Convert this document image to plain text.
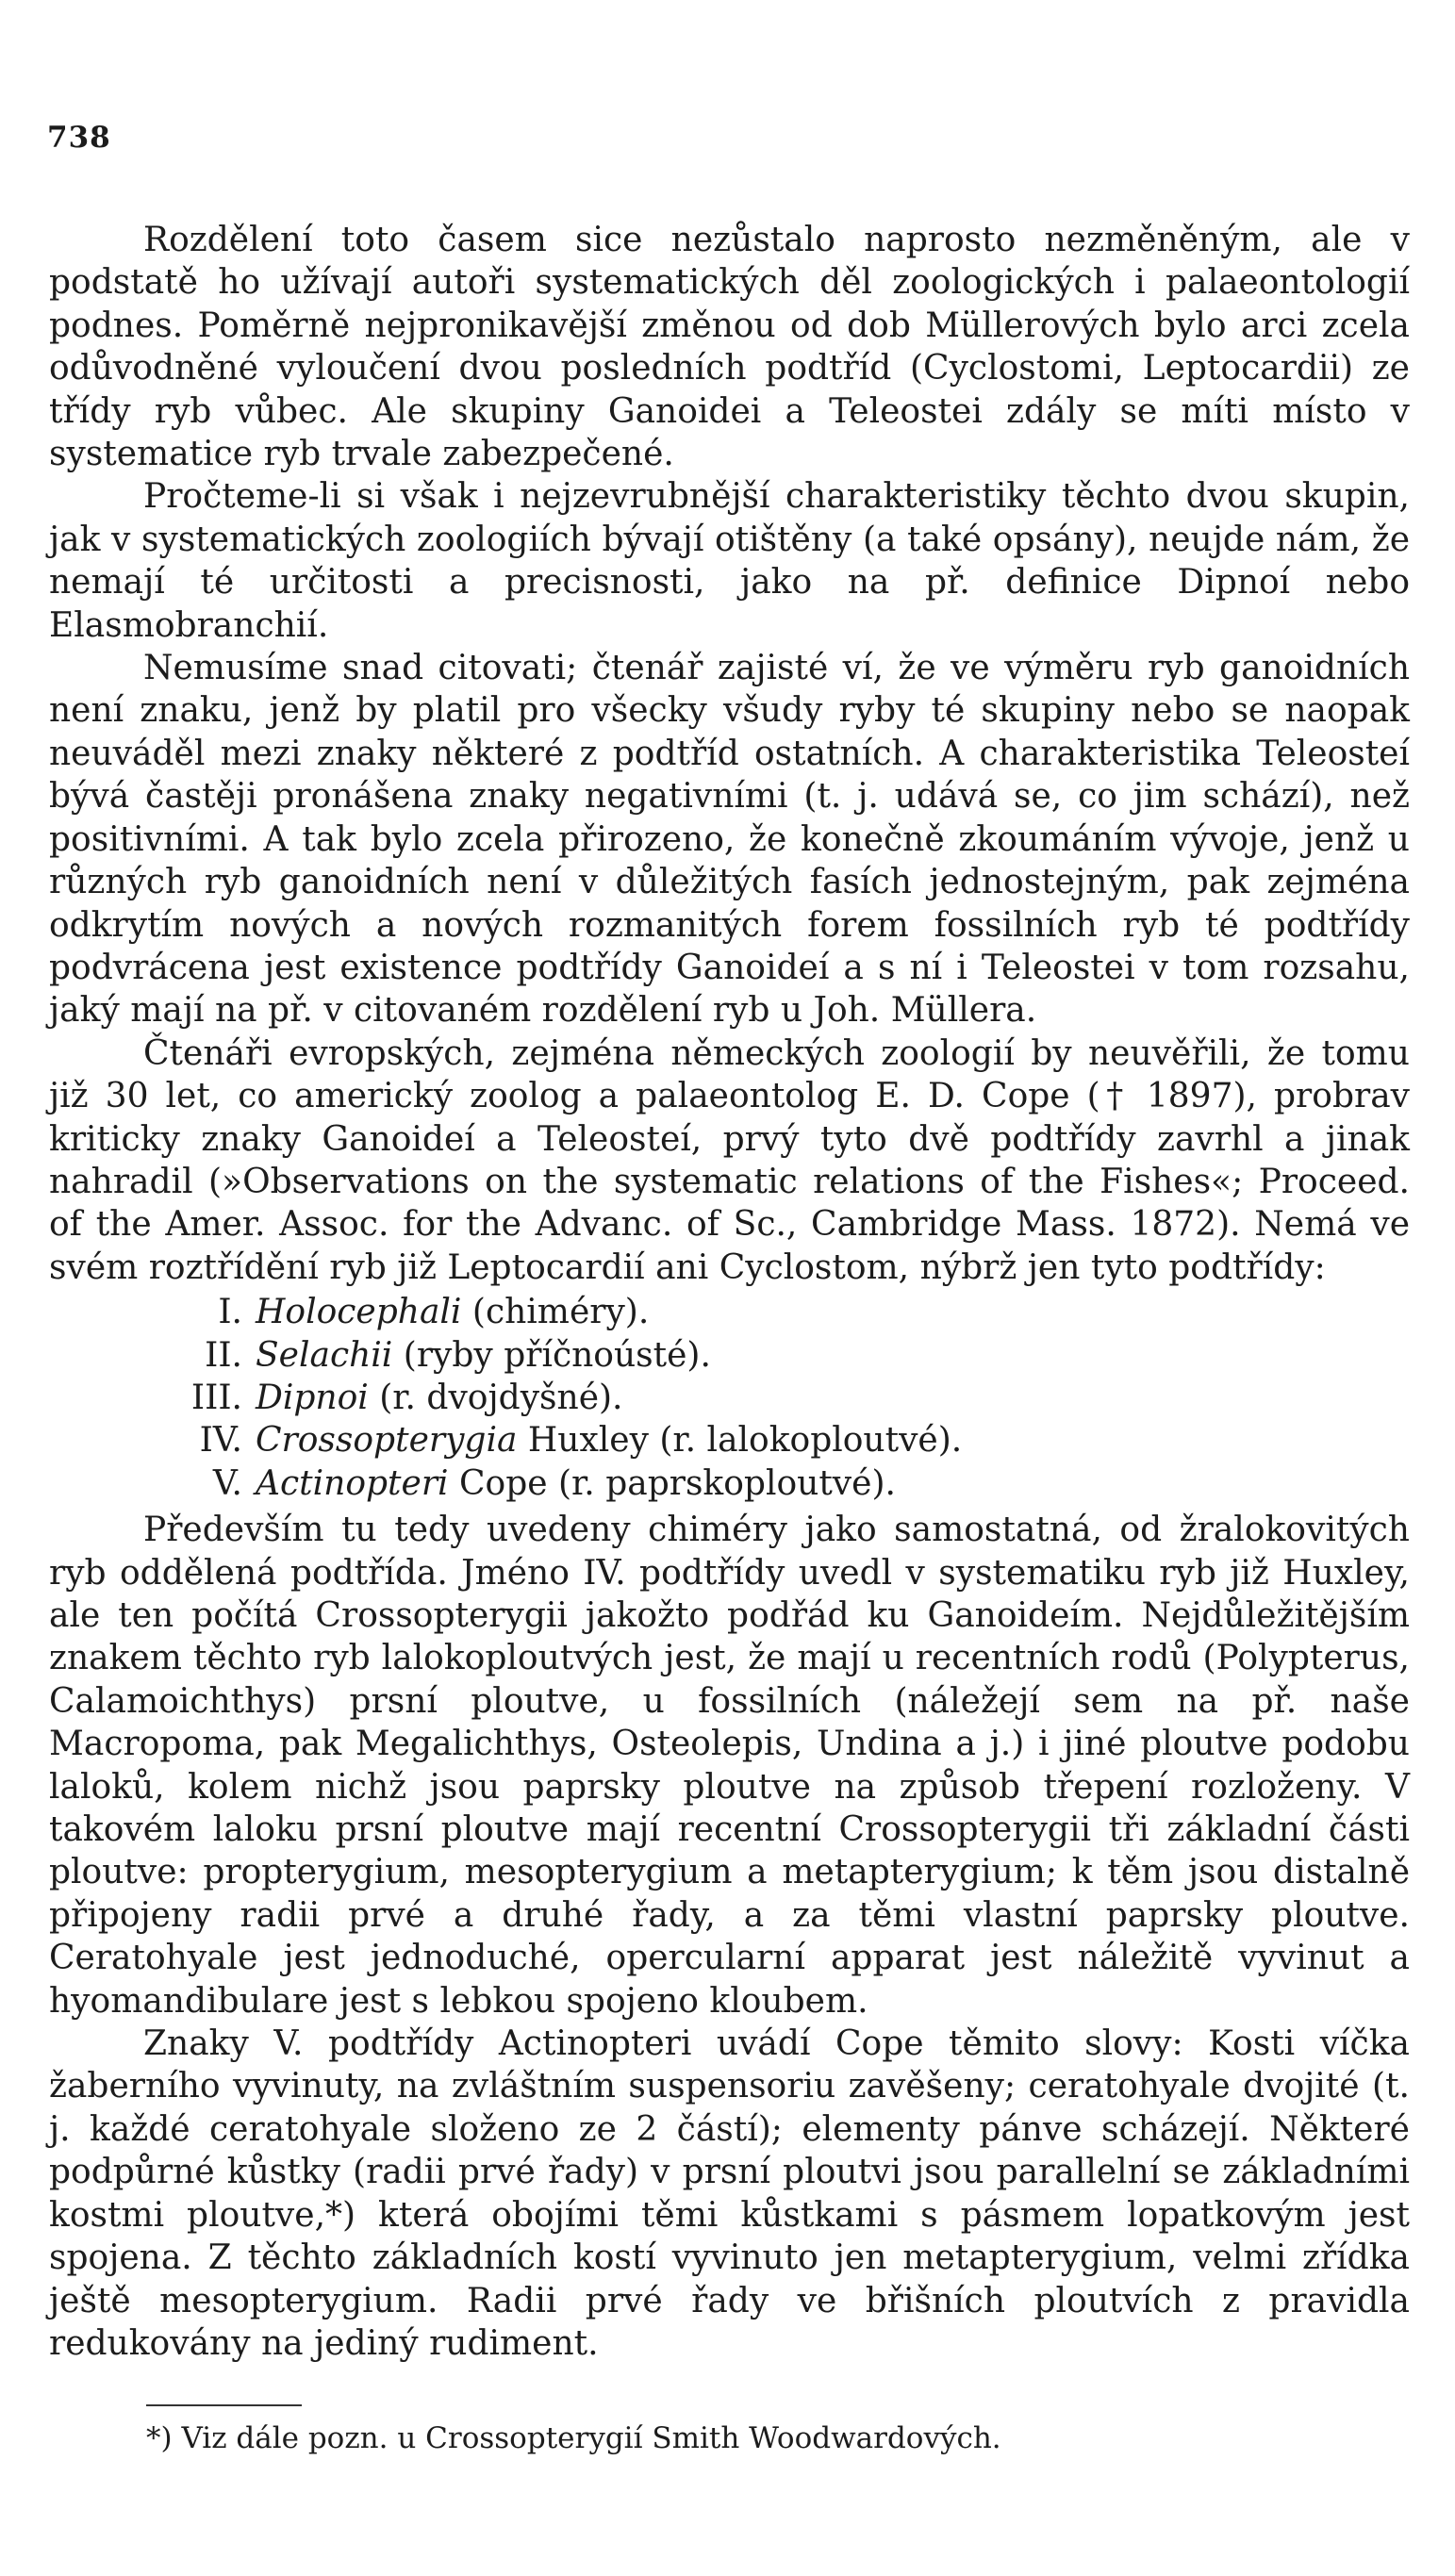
738

Rozdělení toto časem sice nezůstalo naprosto nezměněným, ale v podstatě ho užívají autoři systematických děl zoologických i palaeontologií podnes. Poměrně nejpronikavější změnou od dob Müllerových bylo arci zcela odůvodněné vyloučení dvou posledních podtříd (Cyclostomi, Leptocardii) ze třídy ryb vůbec. Ale skupiny Ganoidei a Teleostei zdály se míti místo v systematice ryb trvale zabezpečené.

Pročteme-li si však i nejzevrubnější charakteristiky těchto dvou skupin, jak v systematických zoologiích bývají otištěny (a také opsány), neujde nám, že nemají té určitosti a precisnosti, jako na př. definice Dipnoí nebo Elasmobranchií.

Nemusíme snad citovati; čtenář zajisté ví, že ve výměru ryb ganoidních není znaku, jenž by platil pro všecky všudy ryby té skupiny nebo se naopak neuváděl mezi znaky některé z podtříd ostatních. A charakteristika Teleosteí bývá častěji pronášena znaky negativními (t. j. udává se, co jim schází), než positivními. A tak bylo zcela přirozeno, že konečně zkoumáním vývoje, jenž u různých ryb ganoidních není v důležitých fasích jednostejným, pak zejména odkrytím nových a nových rozmanitých forem fossilních ryb té podtřídy podvrácena jest existence podtřídy Ganoideí a s ní i Teleostei v tom rozsahu, jaký mají na př. v citovaném rozdělení ryb u Joh. Müllera.

Čtenáři evropských, zejména německých zoologií by neuvěřili, že tomu již 30 let, co americký zoolog a palaeontolog E. D. Cope († 1897), probrav kriticky znaky Ganoideí a Teleosteí, prvý tyto dvě podtřídy zavrhl a jinak nahradil (»Observations on the systematic relations of the Fishes«; Proceed. of the Amer. Assoc. for the Advanc. of Sc., Cambridge Mass. 1872). Nemá ve svém roztřídění ryb již Leptocardií ani Cyclostom, nýbrž jen tyto podtřídy:

I. Holocephali (chiméry).
II. Selachii (ryby příčnoústé).
III. Dipnoi (r. dvojdyšné).
IV. Crossopterygia Huxley (r. lalokoploutvé).
V. Actinopteri Cope (r. paprskoploutvé).

Především tu tedy uvedeny chiméry jako samostatná, od žralokovitých ryb oddělená podtřída. Jméno IV. podtřídy uvedl v systematiku ryb již Huxley, ale ten počítá Crossopterygii jakožto podřád ku Ganoideím. Nejdůležitějším znakem těchto ryb lalokoploutvých jest, že mají u recentních rodů (Polypterus, Calamoichthys) prsní ploutve, u fossilních (náležejí sem na př. naše Macropoma, pak Megalichthys, Osteolepis, Undina a j.) i jiné ploutve podobu laloků, kolem nichž jsou paprsky ploutve na způsob třepení rozloženy. V takovém laloku prsní ploutve mají recentní Crossopterygii tři základní části ploutve: propterygium, mesopterygium a metapterygium; k těm jsou distalně připojeny radii prvé a druhé řady, a za těmi vlastní paprsky ploutve. Ceratohyale jest jednoduché, opercularní apparat jest náležitě vyvinut a hyomandibulare jest s lebkou spojeno kloubem.

Znaky V. podtřídy Actinopteri uvádí Cope těmito slovy: Kosti víčka žaberního vyvinuty, na zvláštním suspensoriu zavěšeny; ceratohyale dvojité (t. j. každé ceratohyale složeno ze 2 částí); elementy pánve scházejí. Některé podpůrné kůstky (radii prvé řady) v prsní ploutvi jsou parallelní se základními kostmi ploutve,*) která obojími těmi kůstkami s pásmem lopatkovým jest spojena. Z těchto základních kostí vyvinuto jen metapterygium, velmi zřídka ještě mesopterygium. Radii prvé řady ve břišních ploutvích z pravidla redukovány na jediný rudiment.

*) Viz dále pozn. u Crossopterygií Smith Woodwardových.
